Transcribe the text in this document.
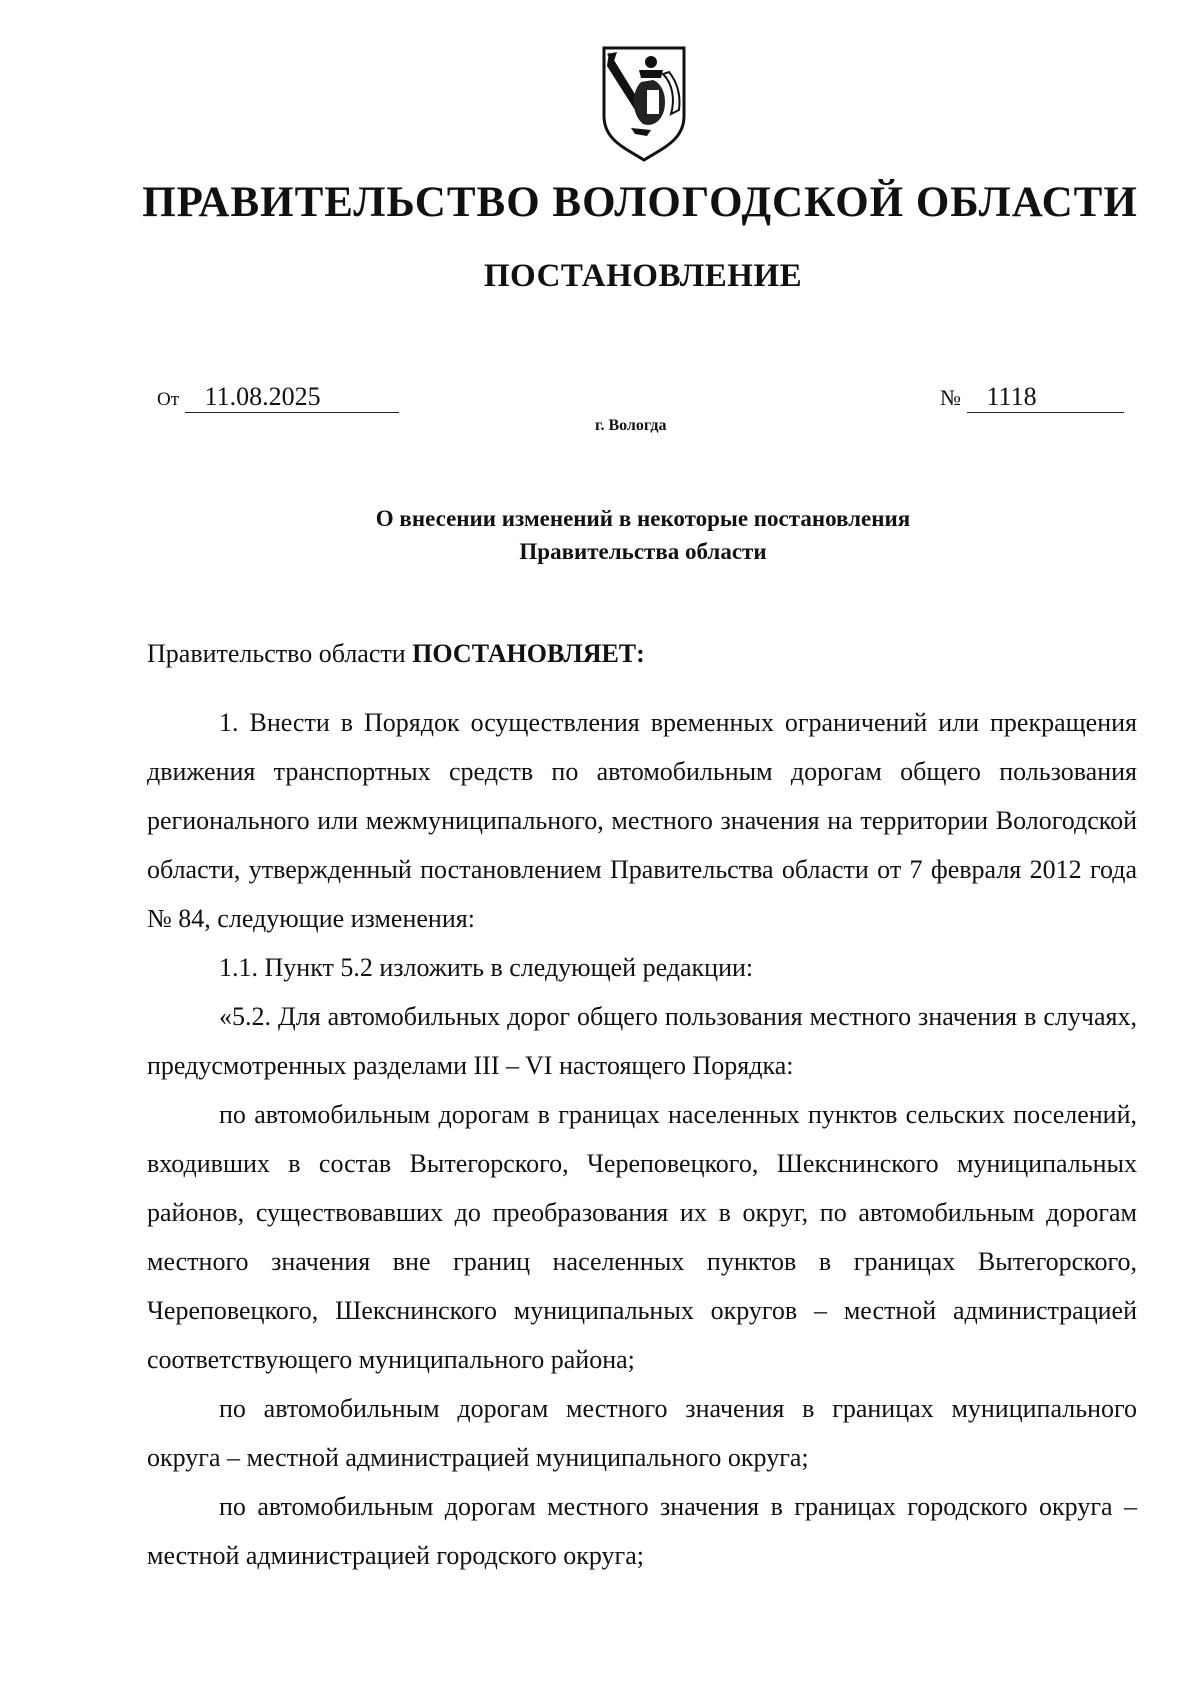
ПРАВИТЕЛЬСТВО ВОЛОГОДСКОЙ ОБЛАСТИ
ПОСТАНОВЛЕНИЕ
От 11.08.2025	№ 1118
г. Вологда
О внесении изменений в некоторые постановления
Правительства области
Правительство области ПОСТАНОВЛЯЕТ:

1. Внести в Порядок осуществления временных ограничений или прекращения движения транспортных средств по автомобильным дорогам общего пользования регионального или межмуниципального, местного значения на территории Вологодской области, утвержденный постановлением Правительства области от 7 февраля 2012 года № 84, следующие изменения:

1.1. Пункт 5.2 изложить в следующей редакции:

«5.2. Для автомобильных дорог общего пользования местного значения в случаях, предусмотренных разделами III – VI настоящего Порядка:

по автомобильным дорогам в границах населенных пунктов сельских поселений, входивших в состав Вытегорского, Череповецкого, Шекснинского муниципальных районов, существовавших до преобразования их в округ, по автомобильным дорогам местного значения вне границ населенных пунктов в границах Вытегорского, Череповецкого, Шекснинского муниципальных округов – местной администрацией соответствующего муниципального района;

по автомобильным дорогам местного значения в границах муниципального округа – местной администрацией муниципального округа;

по автомобильным дорогам местного значения в границах городского округа – местной администрацией городского округа;
